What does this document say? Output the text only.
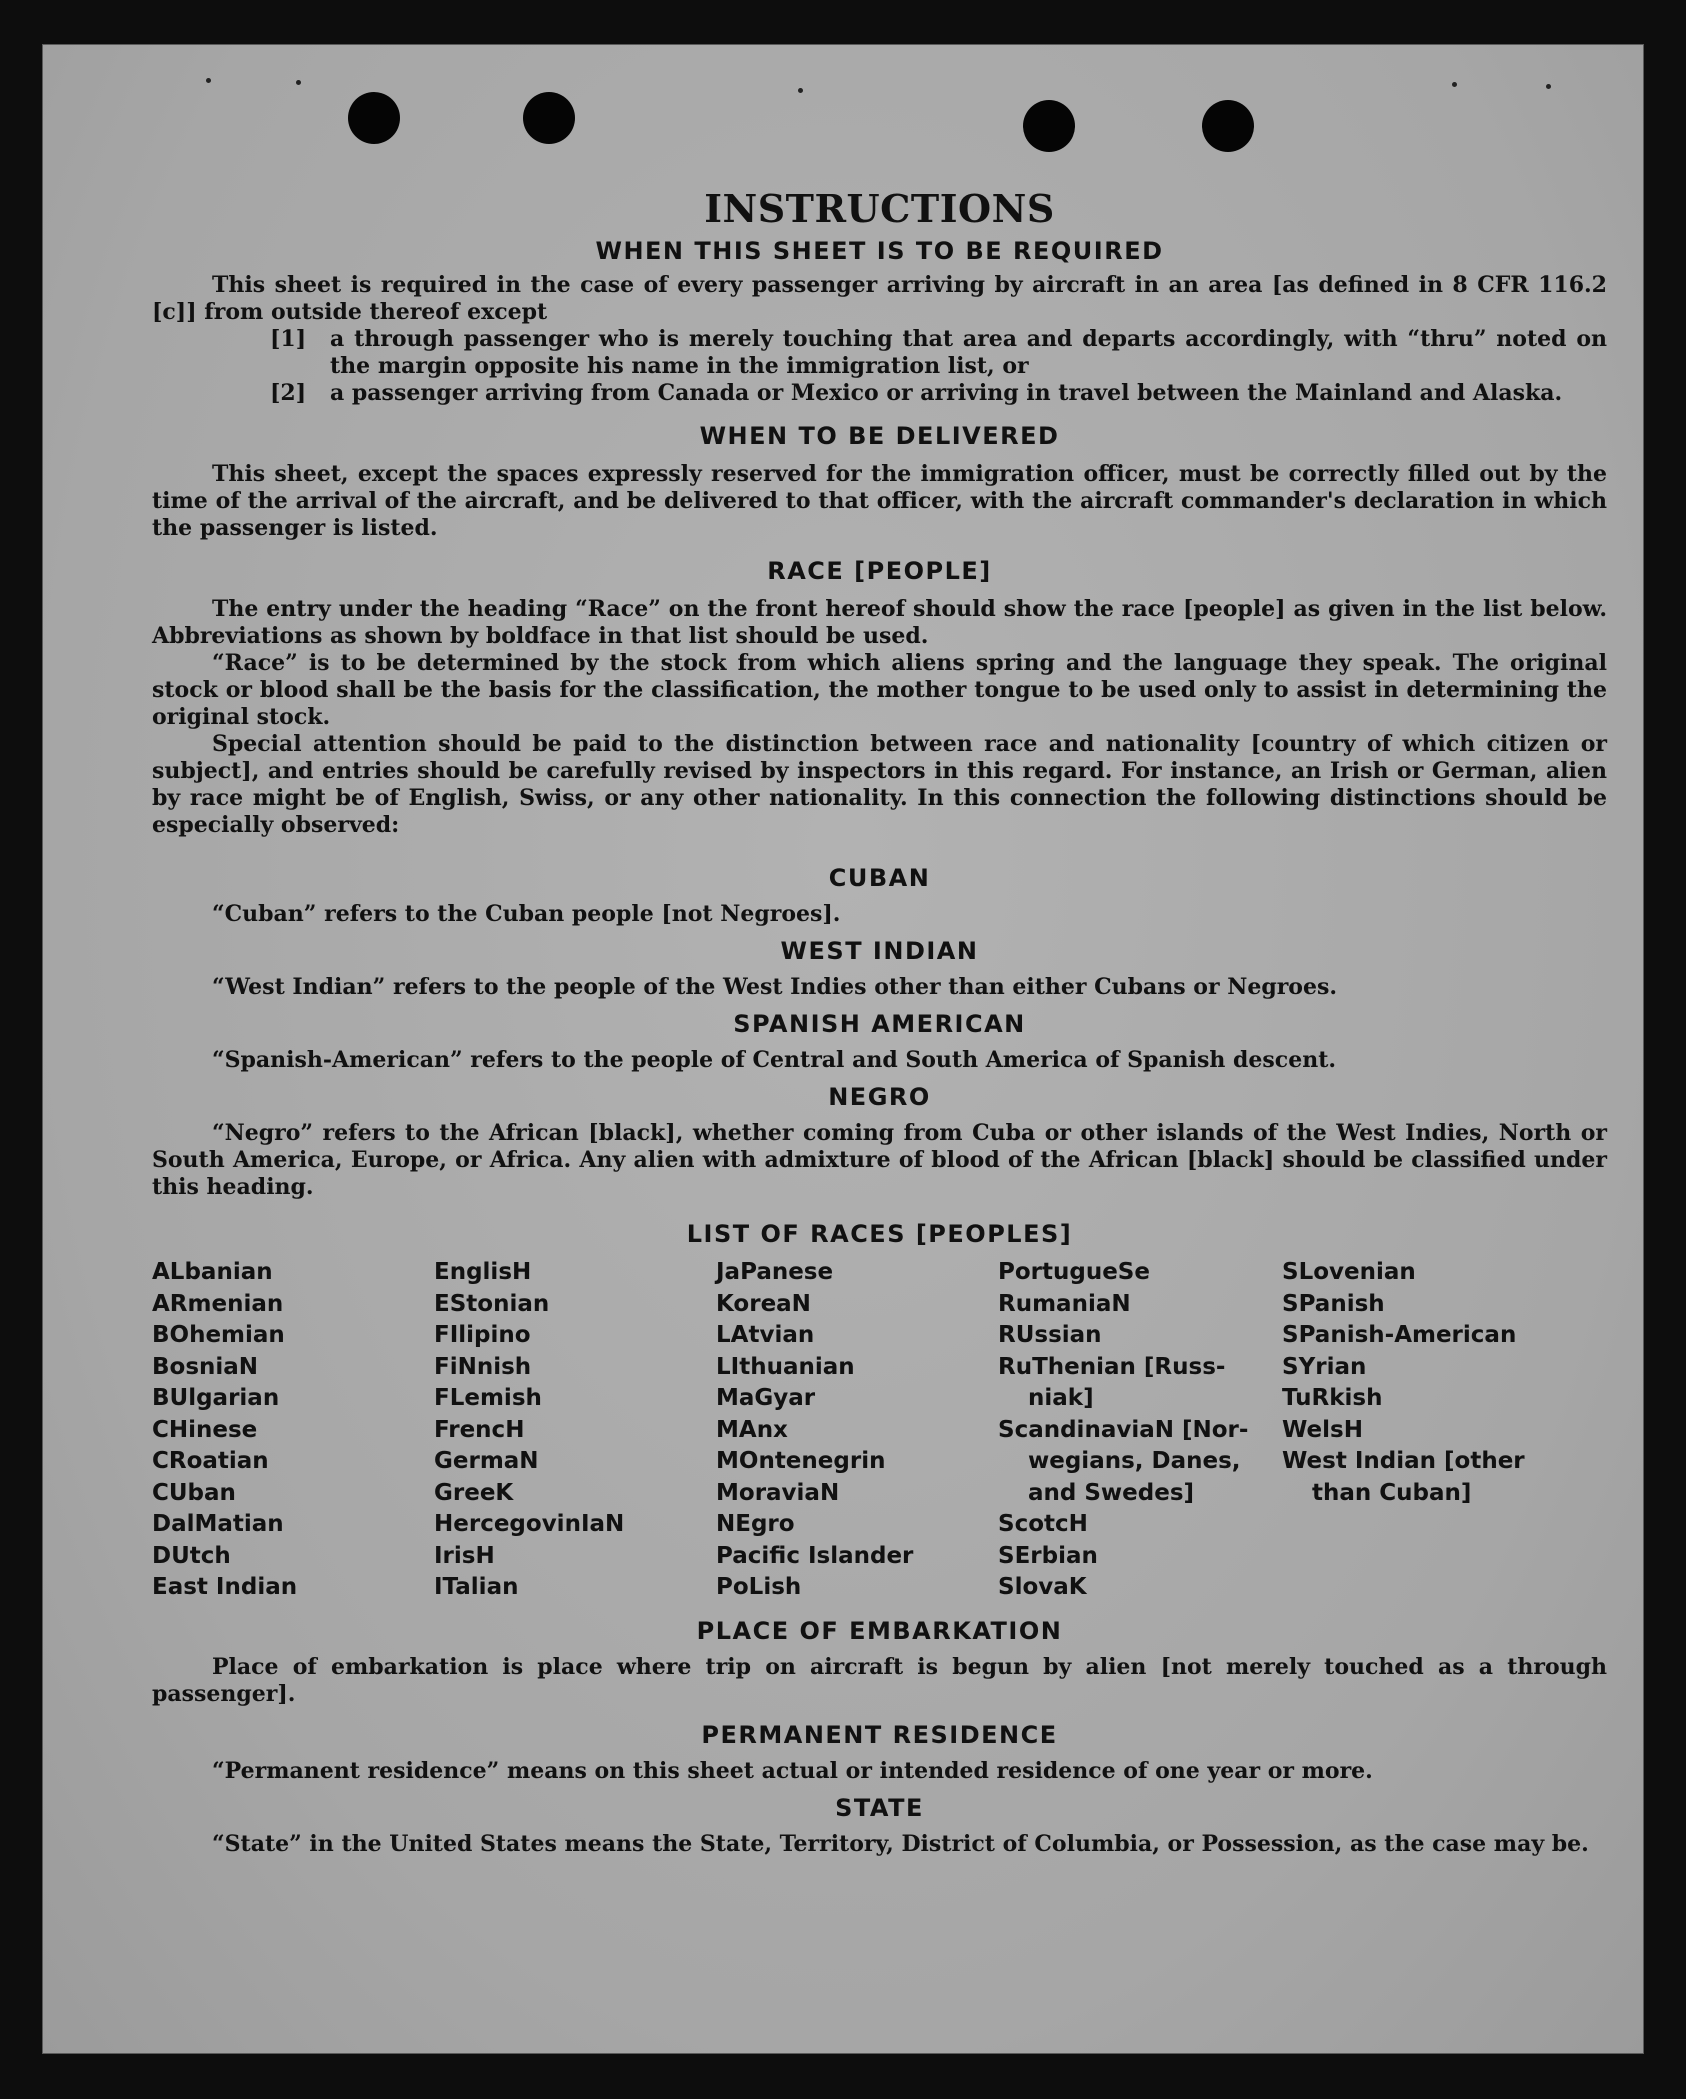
INSTRUCTIONS
WHEN THIS SHEET IS TO BE REQUIRED

This sheet is required in the case of every passenger arriving by aircraft in an area [as defined in 8 CFR 116.2 [c]] from outside thereof except

[1]	a through passenger who is merely touching that area and departs accordingly, with “thru” noted on the margin opposite his name in the immigration list, or
[2]	a passenger arriving from Canada or Mexico or arriving in travel between the Mainland and Alaska.
WHEN TO BE DELIVERED

This sheet, except the spaces expressly reserved for the immigration officer, must be correctly filled out by the time of the arrival of the aircraft, and be delivered to that officer, with the aircraft commander's declaration in which the passenger is listed.

RACE [PEOPLE]

The entry under the heading “Race” on the front hereof should show the race [people] as given in the list below. Abbreviations as shown by boldface in that list should be used.

“Race” is to be determined by the stock from which aliens spring and the language they speak. The original stock or blood shall be the basis for the classification, the mother tongue to be used only to assist in determining the original stock.

Special attention should be paid to the distinction between race and nationality [country of which citizen or subject], and entries should be carefully revised by inspectors in this regard. For instance, an Irish or German, alien by race might be of English, Swiss, or any other nationality. In this connection the following distinctions should be especially observed:

CUBAN

“Cuban” refers to the Cuban people [not Negroes].

WEST INDIAN

“West Indian” refers to the people of the West Indies other than either Cubans or Negroes.

SPANISH AMERICAN

“Spanish-American” refers to the people of Central and South America of Spanish descent.

NEGRO

“Negro” refers to the African [black], whether coming from Cuba or other islands of the West Indies, North or South America, Europe, or Africa. Any alien with admixture of blood of the African [black] should be classified under this heading.

LIST OF RACES [PEOPLES]
ALbanian
ARmenian
BOhemian
BosniaN
BUlgarian
CHinese
CRoatian
CUban
DalMatian
DUtch
East Indian
EnglisH
EStonian
FIlipino
FiNnish
FLemish
FrencH
GermaN
GreeK
HercegovinIaN
IrisH
ITalian
JaPanese
KoreaN
LAtvian
LIthuanian
MaGyar
MAnx
MOntenegrin
MoraviaN
NEgro
Pacific Islander
PoLish
PortugueSe
RumaniaN
RUssian
RuThenian [Russ-
niak]
ScandinaviaN [Nor-
wegians, Danes,
and Swedes]
ScotcH
SErbian
SlovaK
SLovenian
SPanish
SPanish-American
SYrian
TuRkish
WelsH
West Indian [other
than Cuban]
PLACE OF EMBARKATION

Place of embarkation is place where trip on aircraft is begun by alien [not merely touched as a through passenger].

PERMANENT RESIDENCE

“Permanent residence” means on this sheet actual or intended residence of one year or more.

STATE

“State” in the United States means the State, Territory, District of Columbia, or Possession, as the case may be.
